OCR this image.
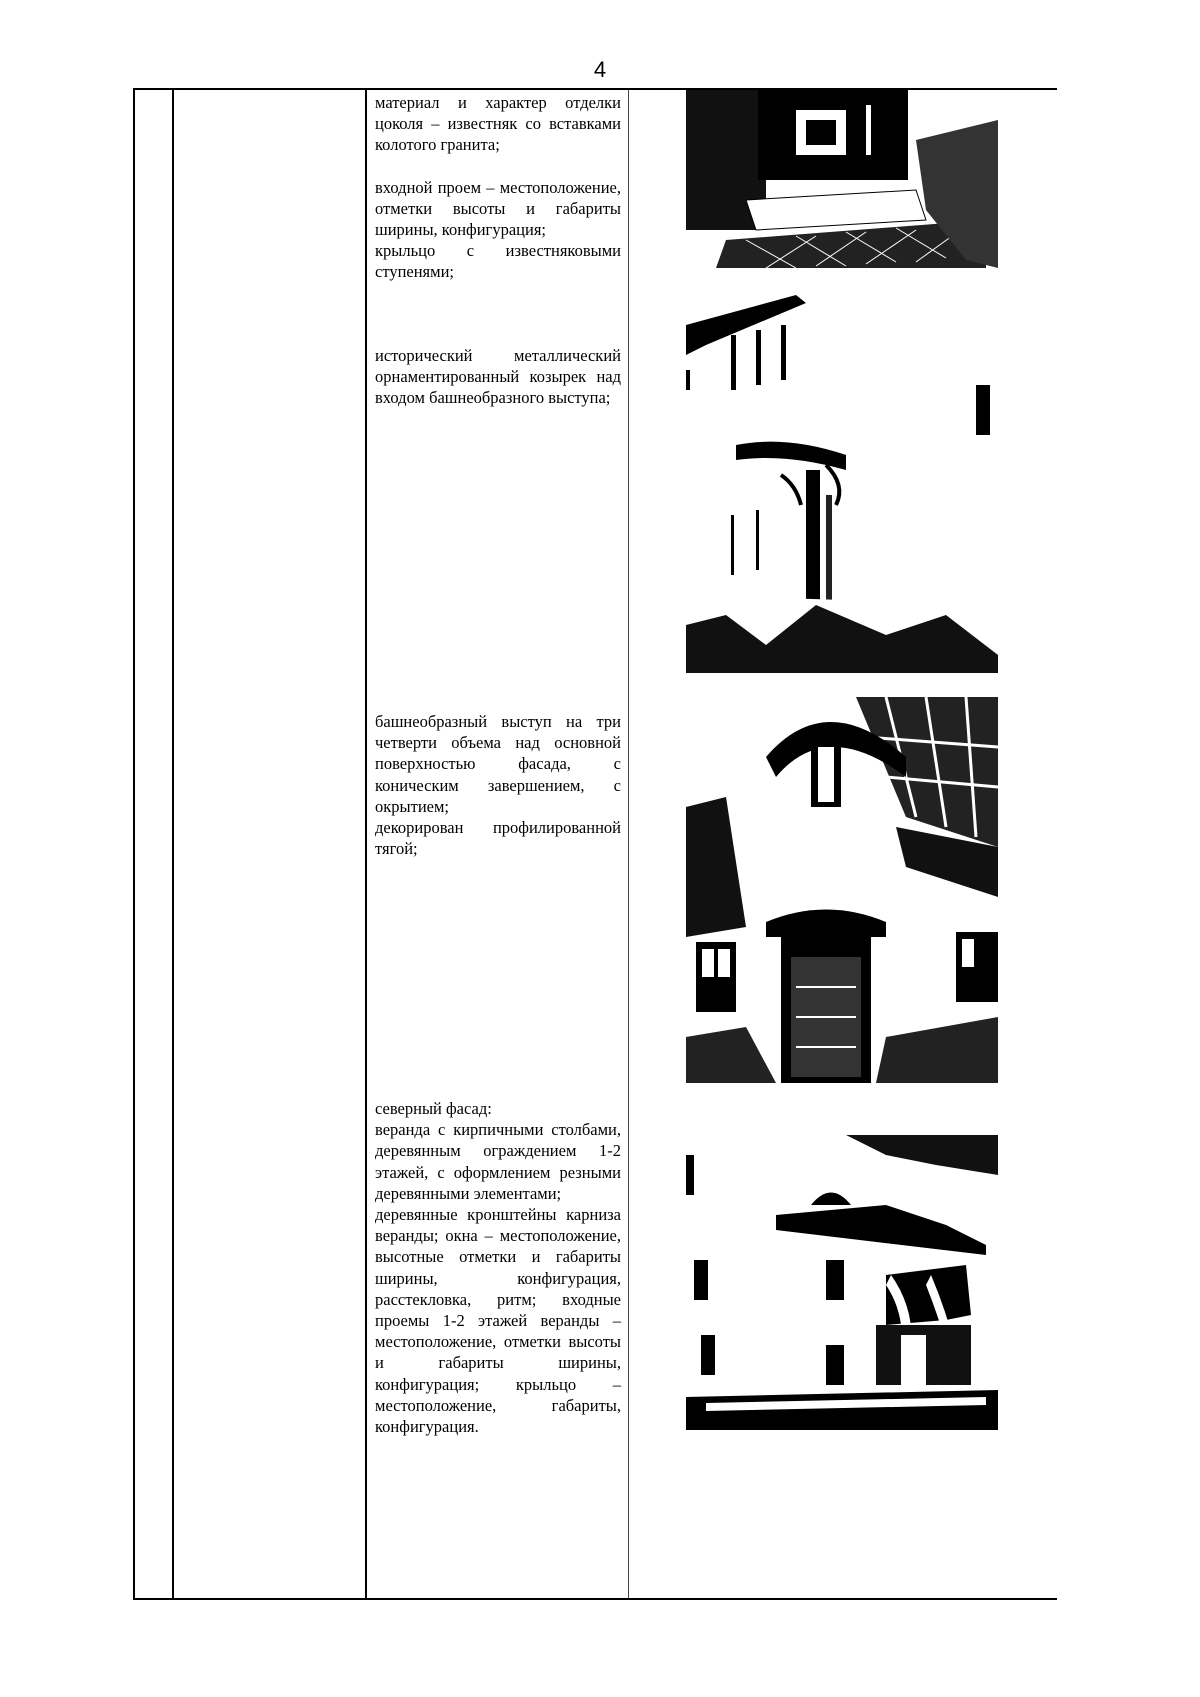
4

материал и характер отделки цоколя – известняк со вставками колотого гранита;

входной проем – местоположение, отметки высоты и габариты ширины, конфигурация;

крыльцо с известняковыми ступенями;

исторический металлический орнаментированный козырек над входом башнеобразного выступа;

башнеобразный выступ на три четверти объема над основной поверхностью фасада, с коническим завершением, с окрытием;

декорирован профилированной тягой;

северный фасад:

веранда с кирпичными столбами, деревянным ограждением 1-2 этажей, с оформлением резными деревянными элементами;

деревянные кронштейны карниза веранды; окна – местоположение, высотные отметки и габариты ширины, конфигурация, расстекловка, ритм; входные проемы 1-2 этажей веранды – местоположение, отметки высоты и габариты ширины, конфигурация; крыльцо – местоположение, габариты, конфигурация.
